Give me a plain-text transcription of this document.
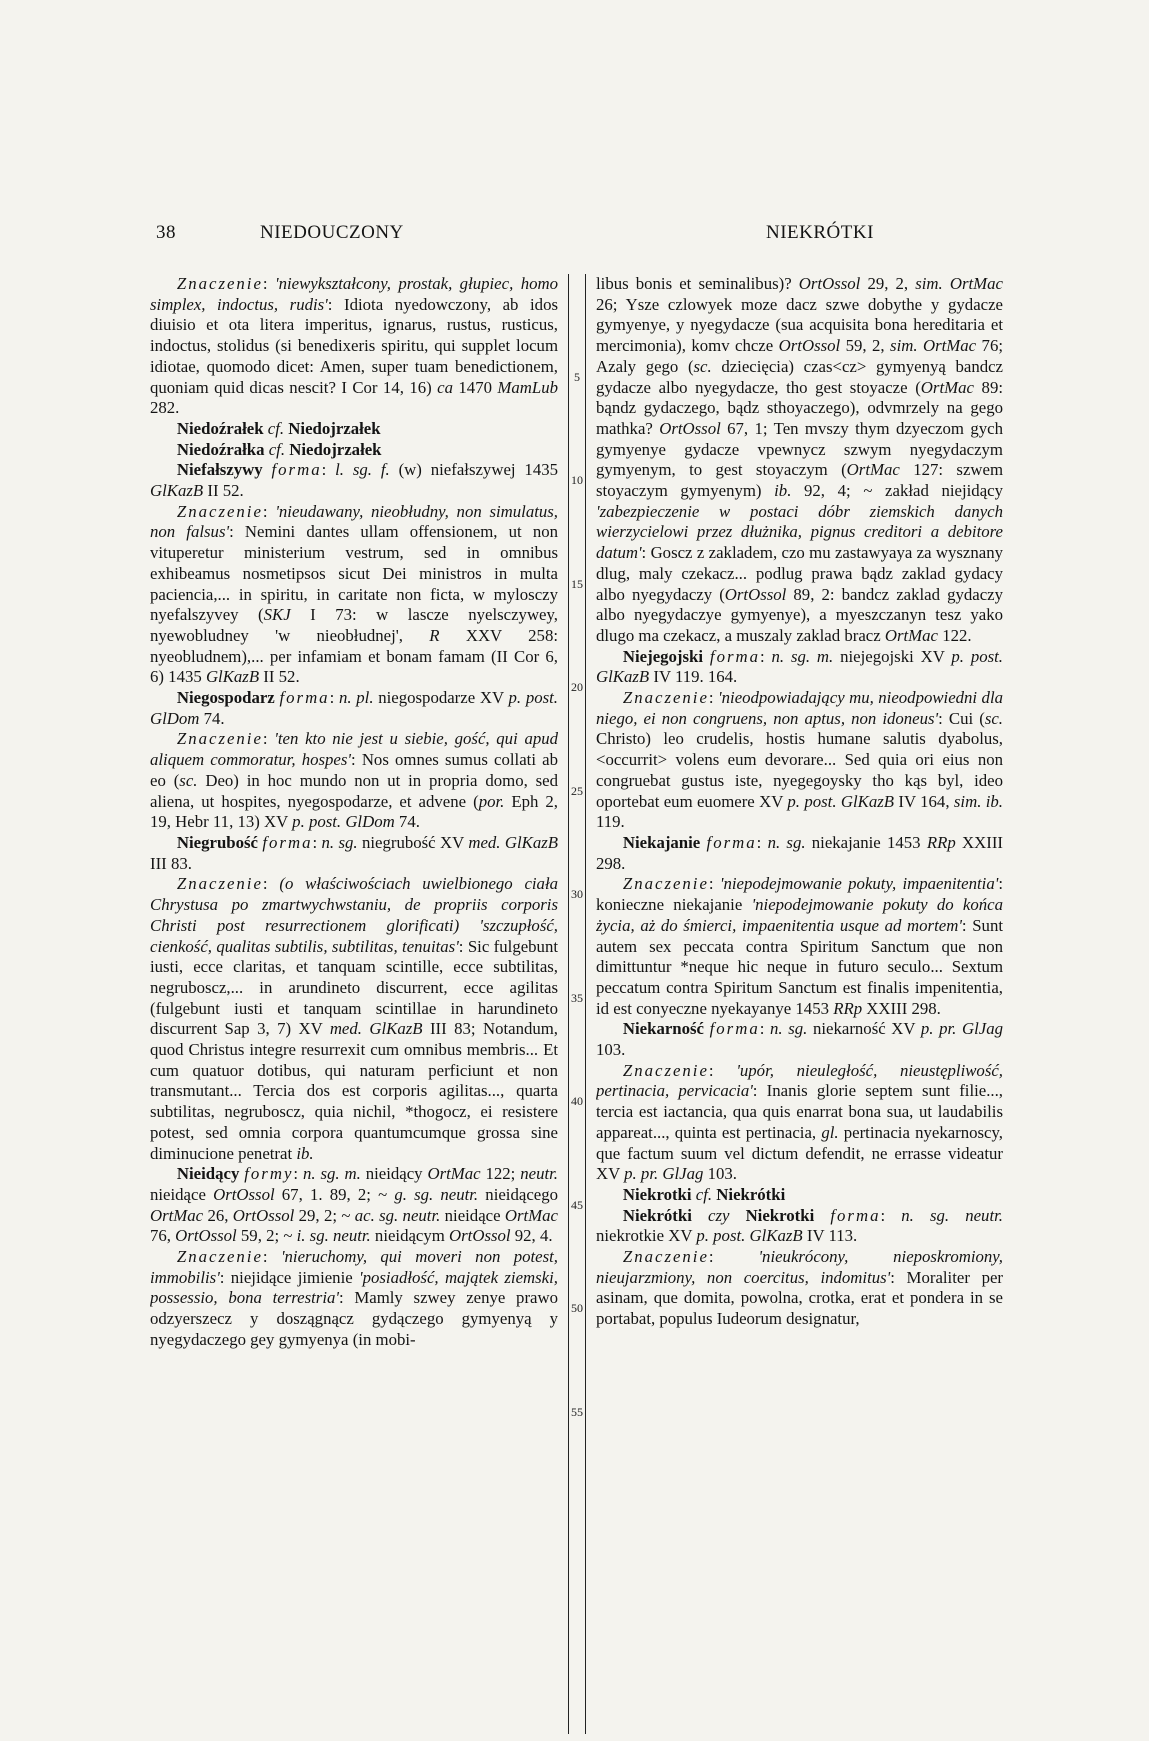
38	NIEDOUCZONY	NIEKRÓTKI
5
10
15
20
25
30
35
40
45
50
55

Znaczenie: 'niewykształcony, prostak, głupiec, homo simplex, indoctus, rudis': Idiota nyedowczony, ab idos diuisio et ota litera imperitus, ignarus, rustus, rusticus, indoctus, stolidus (si benedixeris spiritu, qui supplet locum idiotae, quomodo dicet: Amen, super tuam benedictionem, quoniam quid dicas nescit? I Cor 14, 16) ca 1470 MamLub 282.

Niedoźrałek cf. Niedojrzałek

Niedoźrałka cf. Niedojrzałek

Niefałszywy forma: l. sg. f. (w) niefałszywej 1435 GlKazB II 52.

Znaczenie: 'nieudawany, nieobłudny, non simulatus, non falsus': Nemini dantes ullam offensionem, ut non vituperetur ministerium vestrum, sed in omnibus exhibeamus nosmetipsos sicut Dei ministros in multa paciencia,... in spiritu, in caritate non ficta, w mylosczy nyefalszyvey (SKJ I 73: w lascze nyelsczywey, nyewobludney 'w nieobłudnej', R XXV 258: nyeobludnem),... per infamiam et bonam famam (II Cor 6, 6) 1435 GlKazB II 52.

Niegospodarz forma: n. pl. niegospodarze XV p. post. GlDom 74.

Znaczenie: 'ten kto nie jest u siebie, gość, qui apud aliquem commoratur, hospes': Nos omnes sumus collati ab eo (sc. Deo) in hoc mundo non ut in propria domo, sed aliena, ut hospites, nyegospodarze, et advene (por. Eph 2, 19, Hebr 11, 13) XV p. post. GlDom 74.

Niegrubość forma: n. sg. niegrubość XV med. GlKazB III 83.

Znaczenie: (o właściwościach uwielbionego ciała Chrystusa po zmartwychwstaniu, de propriis corporis Christi post resurrectionem glorificati) 'szczupłość, cienkość, qualitas subtilis, subtilitas, tenuitas': Sic fulgebunt iusti, ecce claritas, et tanquam scintille, ecce subtilitas, negruboscz,... in arundineto discurrent, ecce agilitas (fulgebunt iusti et tanquam scintillae in harundineto discurrent Sap 3, 7) XV med. GlKazB III 83; Notandum, quod Christus integre resurrexit cum omnibus membris... Et cum quatuor dotibus, qui naturam perficiunt et non transmutant... Tercia dos est corporis agilitas..., quarta subtilitas, negruboscz, quia nichil, *thogocz, ei resistere potest, sed omnia corpora quantumcumque grossa sine diminucione penetrat ib.

Nieidący formy: n. sg. m. nieidący OrtMac 122; neutr. nieidące OrtOssol 67, 1. 89, 2; ~ g. sg. neutr. nieidącego OrtMac 26, OrtOssol 29, 2; ~ ac. sg. neutr. nieidące OrtMac 76, OrtOssol 59, 2; ~ i. sg. neutr. nieidącym OrtOssol 92, 4.

Znaczenie: 'nieruchomy, qui moveri non potest, immobilis': niejidące jimienie 'posiadłość, majątek ziemski, possessio, bona terrestria': Mamly szwey zenye prawo odzyerszecz y doszągnącz gydączego gymyenyą y nyegydaczego gey gymyenya (in mobi-

libus bonis et seminalibus)? OrtOssol 29, 2, sim. OrtMac 26; Ysze czlowyek moze dacz szwe dobythe y gydacze gymyenye, y nyegydacze (sua acquisita bona hereditaria et mercimonia), komv chcze OrtOssol 59, 2, sim. OrtMac 76; Azaly gego (sc. dziecięcia) czas<cz> gymyenyą bandcz gydacze albo nyegydacze, tho gest stoyacze (OrtMac 89: bąndz gydaczego, bądz sthoyaczego), odvmrzely na gego mathka? OrtOssol 67, 1; Ten mvszy thym dzyeczom gych gymyenye gydacze vpewnycz szwym nyegydaczym gymyenym, to gest stoyaczym (OrtMac 127: szwem stoyaczym gymyenym) ib. 92, 4; ~ zakład niejidący 'zabezpieczenie w postaci dóbr ziemskich danych wierzycielowi przez dłużnika, pignus creditori a debitore datum': Goscz z zakladem, czo mu zastawyaya za wysznany dlug, maly czekacz... podlug prawa bądz zaklad gydacy albo nyegydaczy (OrtOssol 89, 2: bandcz zaklad gydaczy albo nyegydaczye gymyenye), a myeszczanyn tesz yako dlugo ma czekacz, a muszaly zaklad bracz OrtMac 122.

Niejegojski forma: n. sg. m. niejegojski XV p. post. GlKazB IV 119. 164.

Znaczenie: 'nieodpowiadający mu, nieodpowiedni dla niego, ei non congruens, non aptus, non idoneus': Cui (sc. Christo) leo crudelis, hostis humane salutis dyabolus, <occurrit> volens eum devorare... Sed quia ori eius non congruebat gustus iste, nyegegoysky tho kąs byl, ideo oportebat eum euomere XV p. post. GlKazB IV 164, sim. ib. 119.

Niekajanie forma: n. sg. niekajanie 1453 RRp XXIII 298.

Znaczenie: 'niepodejmowanie pokuty, impaenitentia': konieczne niekajanie 'niepodejmowanie pokuty do końca życia, aż do śmierci, impaenitentia usque ad mortem': Sunt autem sex peccata contra Spiritum Sanctum que non dimittuntur *neque hic neque in futuro seculo... Sextum peccatum contra Spiritum Sanctum est finalis impenitentia, id est conyeczne nyekayanye 1453 RRp XXIII 298.

Niekarność forma: n. sg. niekarność XV p. pr. GlJag 103.

Znaczenie: 'upór, nieuległość, nieustępliwość, pertinacia, pervicacia': Inanis glorie septem sunt filie..., tercia est iactancia, qua quis enarrat bona sua, ut laudabilis appareat..., quinta est pertinacia, gl. pertinacia nyekarnoscy, que factum suum vel dictum defendit, ne errasse videatur XV p. pr. GlJag 103.

Niekrotki cf. Niekrótki

Niekrótki czy Niekrotki forma: n. sg. neutr. niekrotkie XV p. post. GlKazB IV 113.

Znaczenie: 'nieukrócony, nieposkromiony, nieujarzmiony, non coercitus, indomitus': Moraliter per asinam, que domita, powolna, crotka, erat et pondera in se portabat, populus Iudeorum designatur,
